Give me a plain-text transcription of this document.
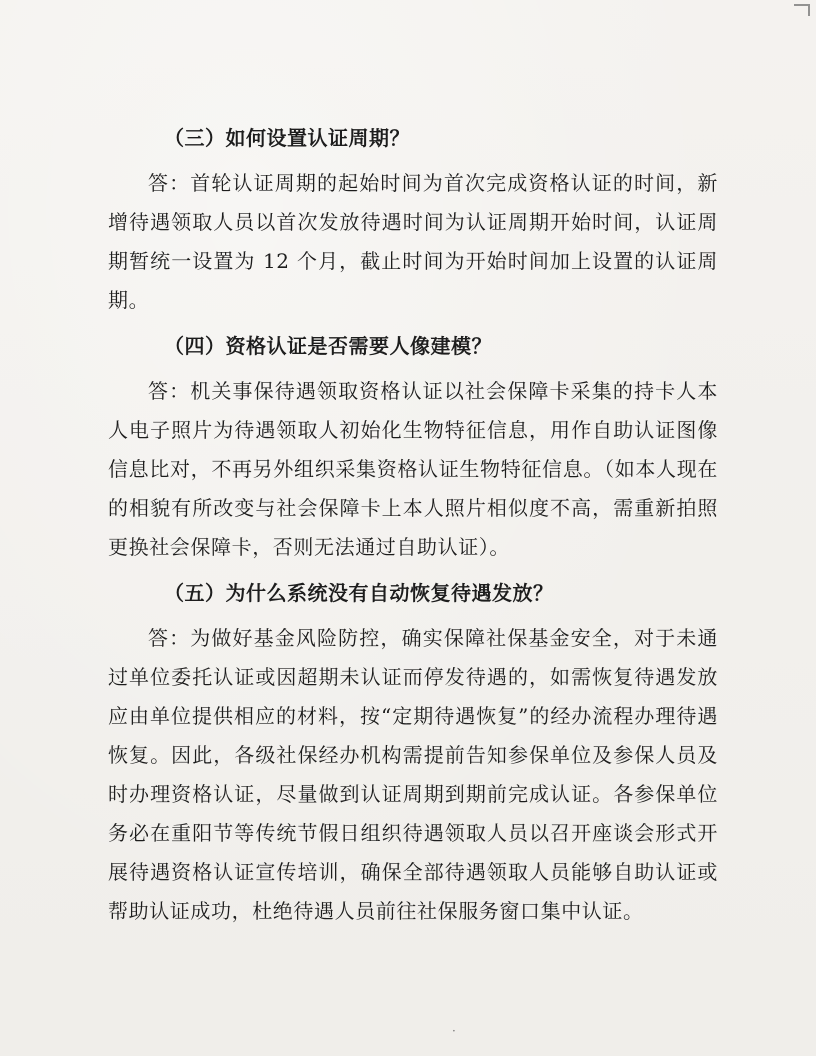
（三）如何设置认证周期？

答：首轮认证周期的起始时间为首次完成资格认证的时间，新增待遇领取人员以首次发放待遇时间为认证周期开始时间，认证周期暂统一设置为 12 个月，截止时间为开始时间加上设置的认证周期。

（四）资格认证是否需要人像建模？

答：机关事保待遇领取资格认证以社会保障卡采集的持卡人本人电子照片为待遇领取人初始化生物特征信息，用作自助认证图像信息比对，不再另外组织采集资格认证生物特征信息。（如本人现在的相貌有所改变与社会保障卡上本人照片相似度不高，需重新拍照更换社会保障卡，否则无法通过自助认证）。

（五）为什么系统没有自动恢复待遇发放？

答：为做好基金风险防控，确实保障社保基金安全，对于未通过单位委托认证或因超期未认证而停发待遇的，如需恢复待遇发放应由单位提供相应的材料，按“定期待遇恢复”的经办流程办理待遇恢复。因此，各级社保经办机构需提前告知参保单位及参保人员及时办理资格认证，尽量做到认证周期到期前完成认证。各参保单位务必在重阳节等传统节假日组织待遇领取人员以召开座谈会形式开展待遇资格认证宣传培训，确保全部待遇领取人员能够自助认证或帮助认证成功，杜绝待遇人员前往社保服务窗口集中认证。

·
